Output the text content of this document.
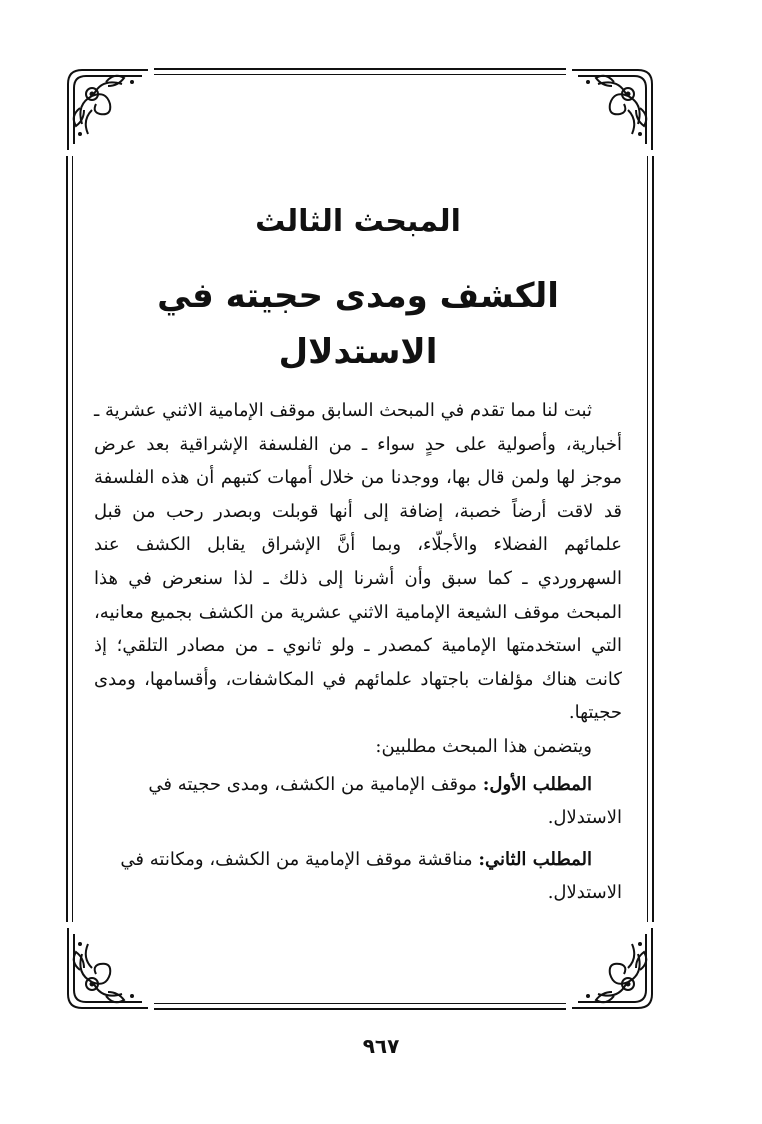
المبحث الثالث
الكشف ومدى حجيته في الاستدلال

ثبت لنا مما تقدم في المبحث السابق موقف الإمامية الاثني عشرية ـ أخبارية، وأصولية على حدٍ سواء ـ من الفلسفة الإشراقية بعد عرض موجز لها ولمن قال بها، ووجدنا من خلال أمهات كتبهم أن هذه الفلسفة قد لاقت أرضاً خصبة، إضافة إلى أنها قوبلت وبصدر رحب من قبل علمائهم الفضلاء والأجلّاء، وبما أنَّ الإشراق يقابل الكشف عند السهروردي ـ كما سبق وأن أشرنا إلى ذلك ـ لذا سنعرض في هذا المبحث موقف الشيعة الإمامية الاثني عشرية من الكشف بجميع معانيه، التي استخدمتها الإمامية كمصدر ـ ولو ثانوي ـ من مصادر التلقي؛ إذ كانت هناك مؤلفات باجتهاد علمائهم في المكاشفات، وأقسامها، ومدى حجيتها.

ويتضمن هذا المبحث مطلبين:

المطلب الأول: موقف الإمامية من الكشف، ومدى حجيته في الاستدلال.

المطلب الثاني: مناقشة موقف الإمامية من الكشف، ومكانته في الاستدلال.

٩٦٧
